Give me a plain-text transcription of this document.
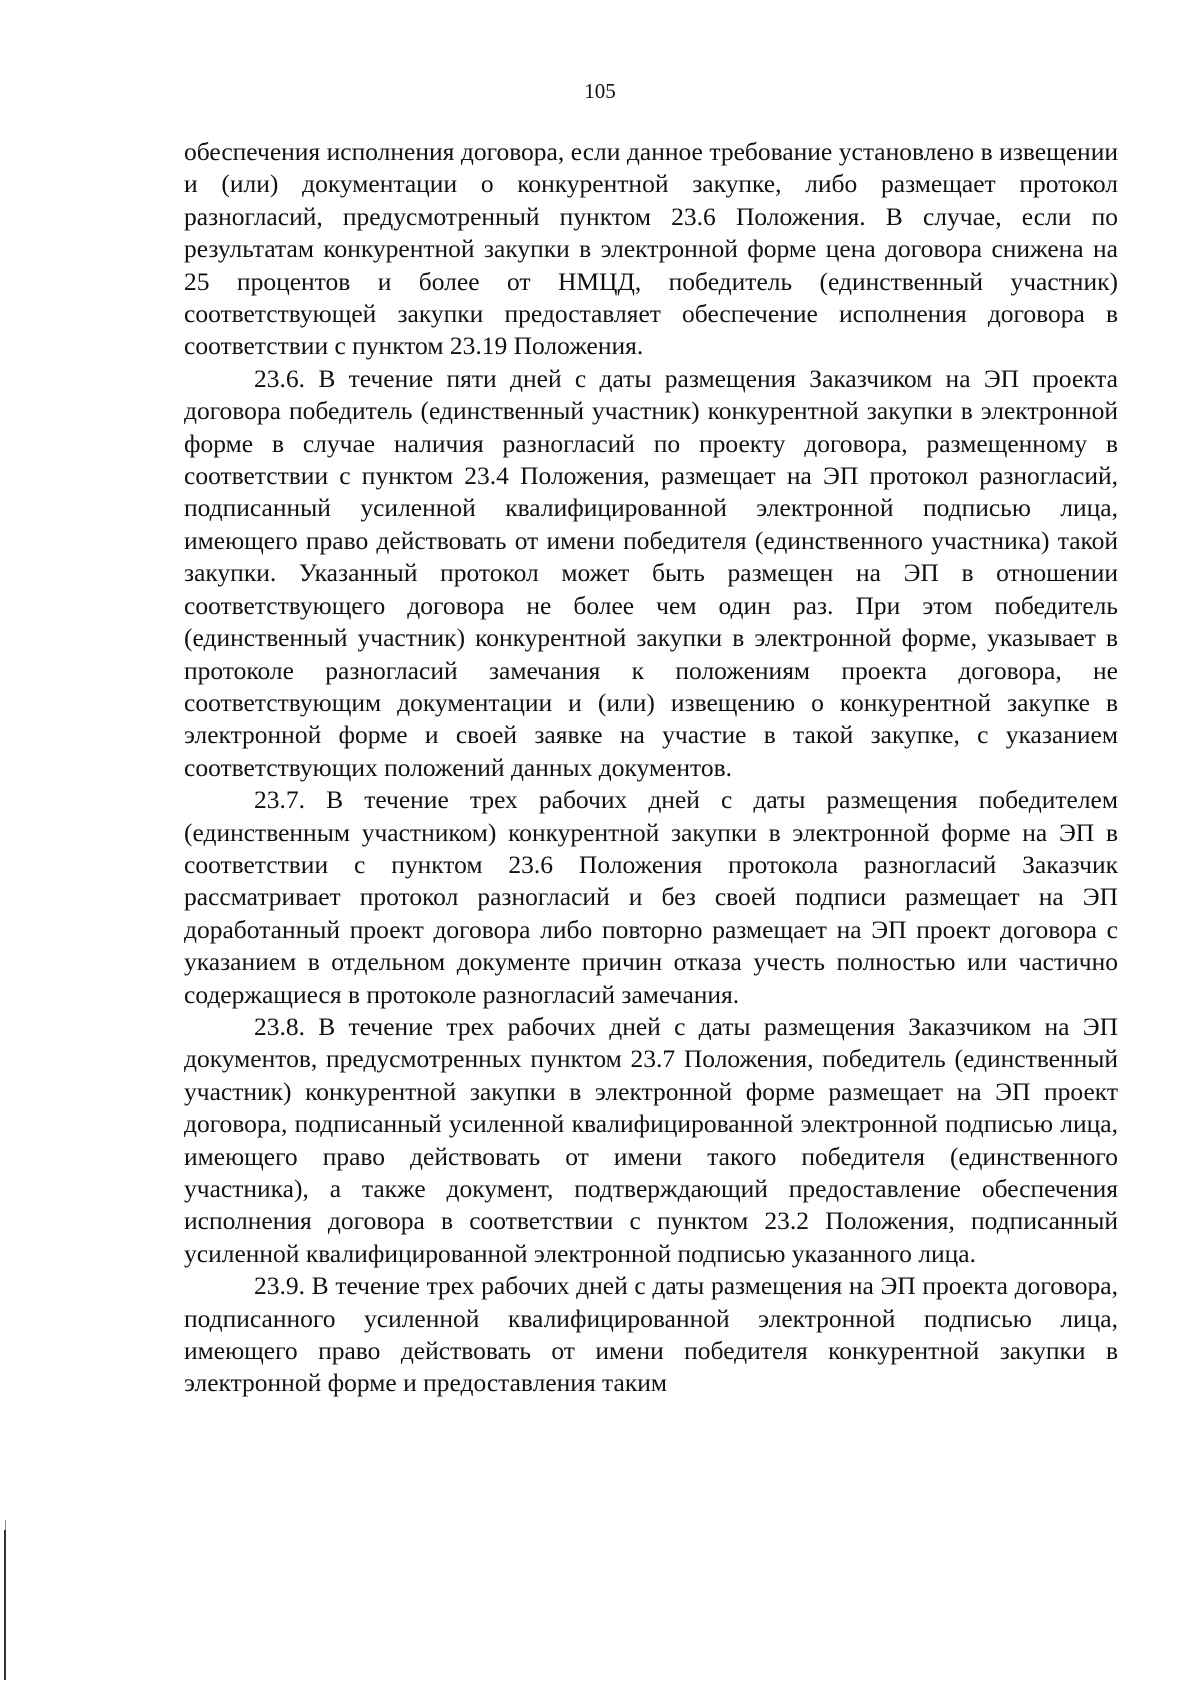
105

обеспечения исполнения договора, если данное требование установлено в извещении и (или) документации о конкурентной закупке, либо размещает протокол разногласий, предусмотренный пунктом 23.6 Положения. В случае, если по результатам конкурентной закупки в электронной форме цена договора снижена на 25 процентов и более от НМЦД, победитель (единственный участник) соответствующей закупки предоставляет обеспечение исполнения договора в соответствии с пунктом 23.19 Положения.

23.6. В течение пяти дней с даты размещения Заказчиком на ЭП проекта договора победитель (единственный участник) конкурентной закупки в электронной форме в случае наличия разногласий по проекту договора, размещенному в соответствии с пунктом 23.4 Положения, размещает на ЭП протокол разногласий, подписанный усиленной квалифицированной электронной подписью лица, имеющего право действовать от имени победителя (единственного участника) такой закупки. Указанный протокол может быть размещен на ЭП в отношении соответствующего договора не более чем один раз. При этом победитель (единственный участник) конкурентной закупки в электронной форме, указывает в протоколе разногласий замечания к положениям проекта договора, не соответствующим документации и (или) извещению о конкурентной закупке в электронной форме и своей заявке на участие в такой закупке, с указанием соответствующих положений данных документов.

23.7. В течение трех рабочих дней с даты размещения победителем (единственным участником) конкурентной закупки в электронной форме на ЭП в соответствии с пунктом 23.6 Положения протокола разногласий Заказчик рассматривает протокол разногласий и без своей подписи размещает на ЭП доработанный проект договора либо повторно размещает на ЭП проект договора с указанием в отдельном документе причин отказа учесть полностью или частично содержащиеся в протоколе разногласий замечания.

23.8. В течение трех рабочих дней с даты размещения Заказчиком на ЭП документов, предусмотренных пунктом 23.7 Положения, победитель (единственный участник) конкурентной закупки в электронной форме размещает на ЭП проект договора, подписанный усиленной квалифицированной электронной подписью лица, имеющего право действовать от имени такого победителя (единственного участника), а также документ, подтверждающий предоставление обеспечения исполнения договора в соответствии с пунктом 23.2 Положения, подписанный усиленной квалифицированной электронной подписью указанного лица.

23.9. В течение трех рабочих дней с даты размещения на ЭП проекта договора, подписанного усиленной квалифицированной электронной подписью лица, имеющего право действовать от имени победителя конкурентной закупки в электронной форме и предоставления таким
